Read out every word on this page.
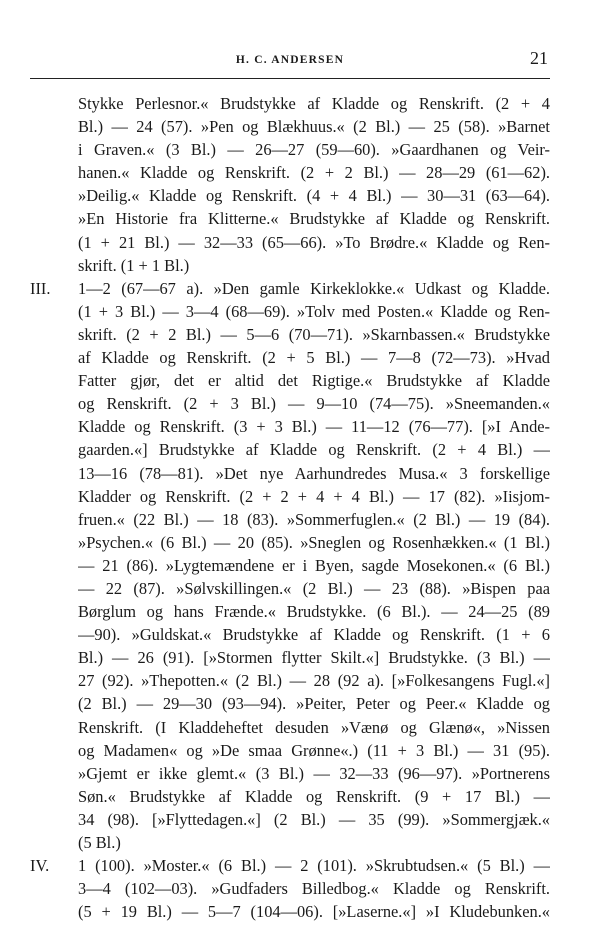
H. C. ANDERSEN	21
Stykke Perlesnor.« Brudstykke af Kladde og Renskrift. (2 + 4
Bl.) — 24 (57). »Pen og Blækhuus.« (2 Bl.) — 25 (58). »Barnet
i Graven.« (3 Bl.) — 26—27 (59—60). »Gaardhanen og Veir-
hanen.« Kladde og Renskrift. (2 + 2 Bl.) — 28—29 (61—62).
»Deilig.« Kladde og Renskrift. (4 + 4 Bl.) — 30—31 (63—64).
»En Historie fra Klitterne.« Brudstykke af Kladde og Renskrift.
(1 + 21 Bl.) — 32—33 (65—66). »To Brødre.« Kladde og Ren-
skrift. (1 + 1 Bl.)
III.	1—2 (67—67 a). »Den gamle Kirkeklokke.« Udkast og Kladde.
(1 + 3 Bl.) — 3—4 (68—69). »Tolv med Posten.« Kladde og Ren-
skrift. (2 + 2 Bl.) — 5—6 (70—71). »Skarnbassen.« Brudstykke
af Kladde og Renskrift. (2 + 5 Bl.) — 7—8 (72—73). »Hvad
Fatter gjør, det er altid det Rigtige.« Brudstykke af Kladde
og Renskrift. (2 + 3 Bl.) — 9—10 (74—75). »Sneemanden.«
Kladde og Renskrift. (3 + 3 Bl.) — 11—12 (76—77). [»I Ande-
gaarden.«] Brudstykke af Kladde og Renskrift. (2 + 4 Bl.) —
13—16 (78—81). »Det nye Aarhundredes Musa.« 3 forskellige
Kladder og Renskrift. (2 + 2 + 4 + 4 Bl.) — 17 (82). »Iisjom-
fruen.« (22 Bl.) — 18 (83). »Sommerfuglen.« (2 Bl.) — 19 (84).
»Psychen.« (6 Bl.) — 20 (85). »Sneglen og Rosenhækken.« (1 Bl.)
— 21 (86). »Lygtemændene er i Byen, sagde Mosekonen.« (6 Bl.)
— 22 (87). »Sølvskillingen.« (2 Bl.) — 23 (88). »Bispen paa
Børglum og hans Frænde.« Brudstykke. (6 Bl.). — 24—25 (89
—90). »Guldskat.« Brudstykke af Kladde og Renskrift. (1 + 6
Bl.) — 26 (91). [»Stormen flytter Skilt.«] Brudstykke. (3 Bl.) —
27 (92). »Thepotten.« (2 Bl.) — 28 (92 a). [»Folkesangens Fugl.«]
(2 Bl.) — 29—30 (93—94). »Peiter, Peter og Peer.« Kladde og
Renskrift. (I Kladdeheftet desuden »Vænø og Glænø«, »Nissen
og Madamen« og »De smaa Grønne«.) (11 + 3 Bl.) — 31 (95).
»Gjemt er ikke glemt.« (3 Bl.) — 32—33 (96—97). »Portnerens
Søn.« Brudstykke af Kladde og Renskrift. (9 + 17 Bl.) —
34 (98). [»Flyttedagen.«] (2 Bl.) — 35 (99). »Sommergjæk.«
(5 Bl.)
IV.	1 (100). »Moster.« (6 Bl.) — 2 (101). »Skrubtudsen.« (5 Bl.) —
3—4 (102—03). »Gudfaders Billedbog.« Kladde og Renskrift.
(5 + 19 Bl.) — 5—7 (104—06). [»Laserne.«] »I Kludebunken.«
